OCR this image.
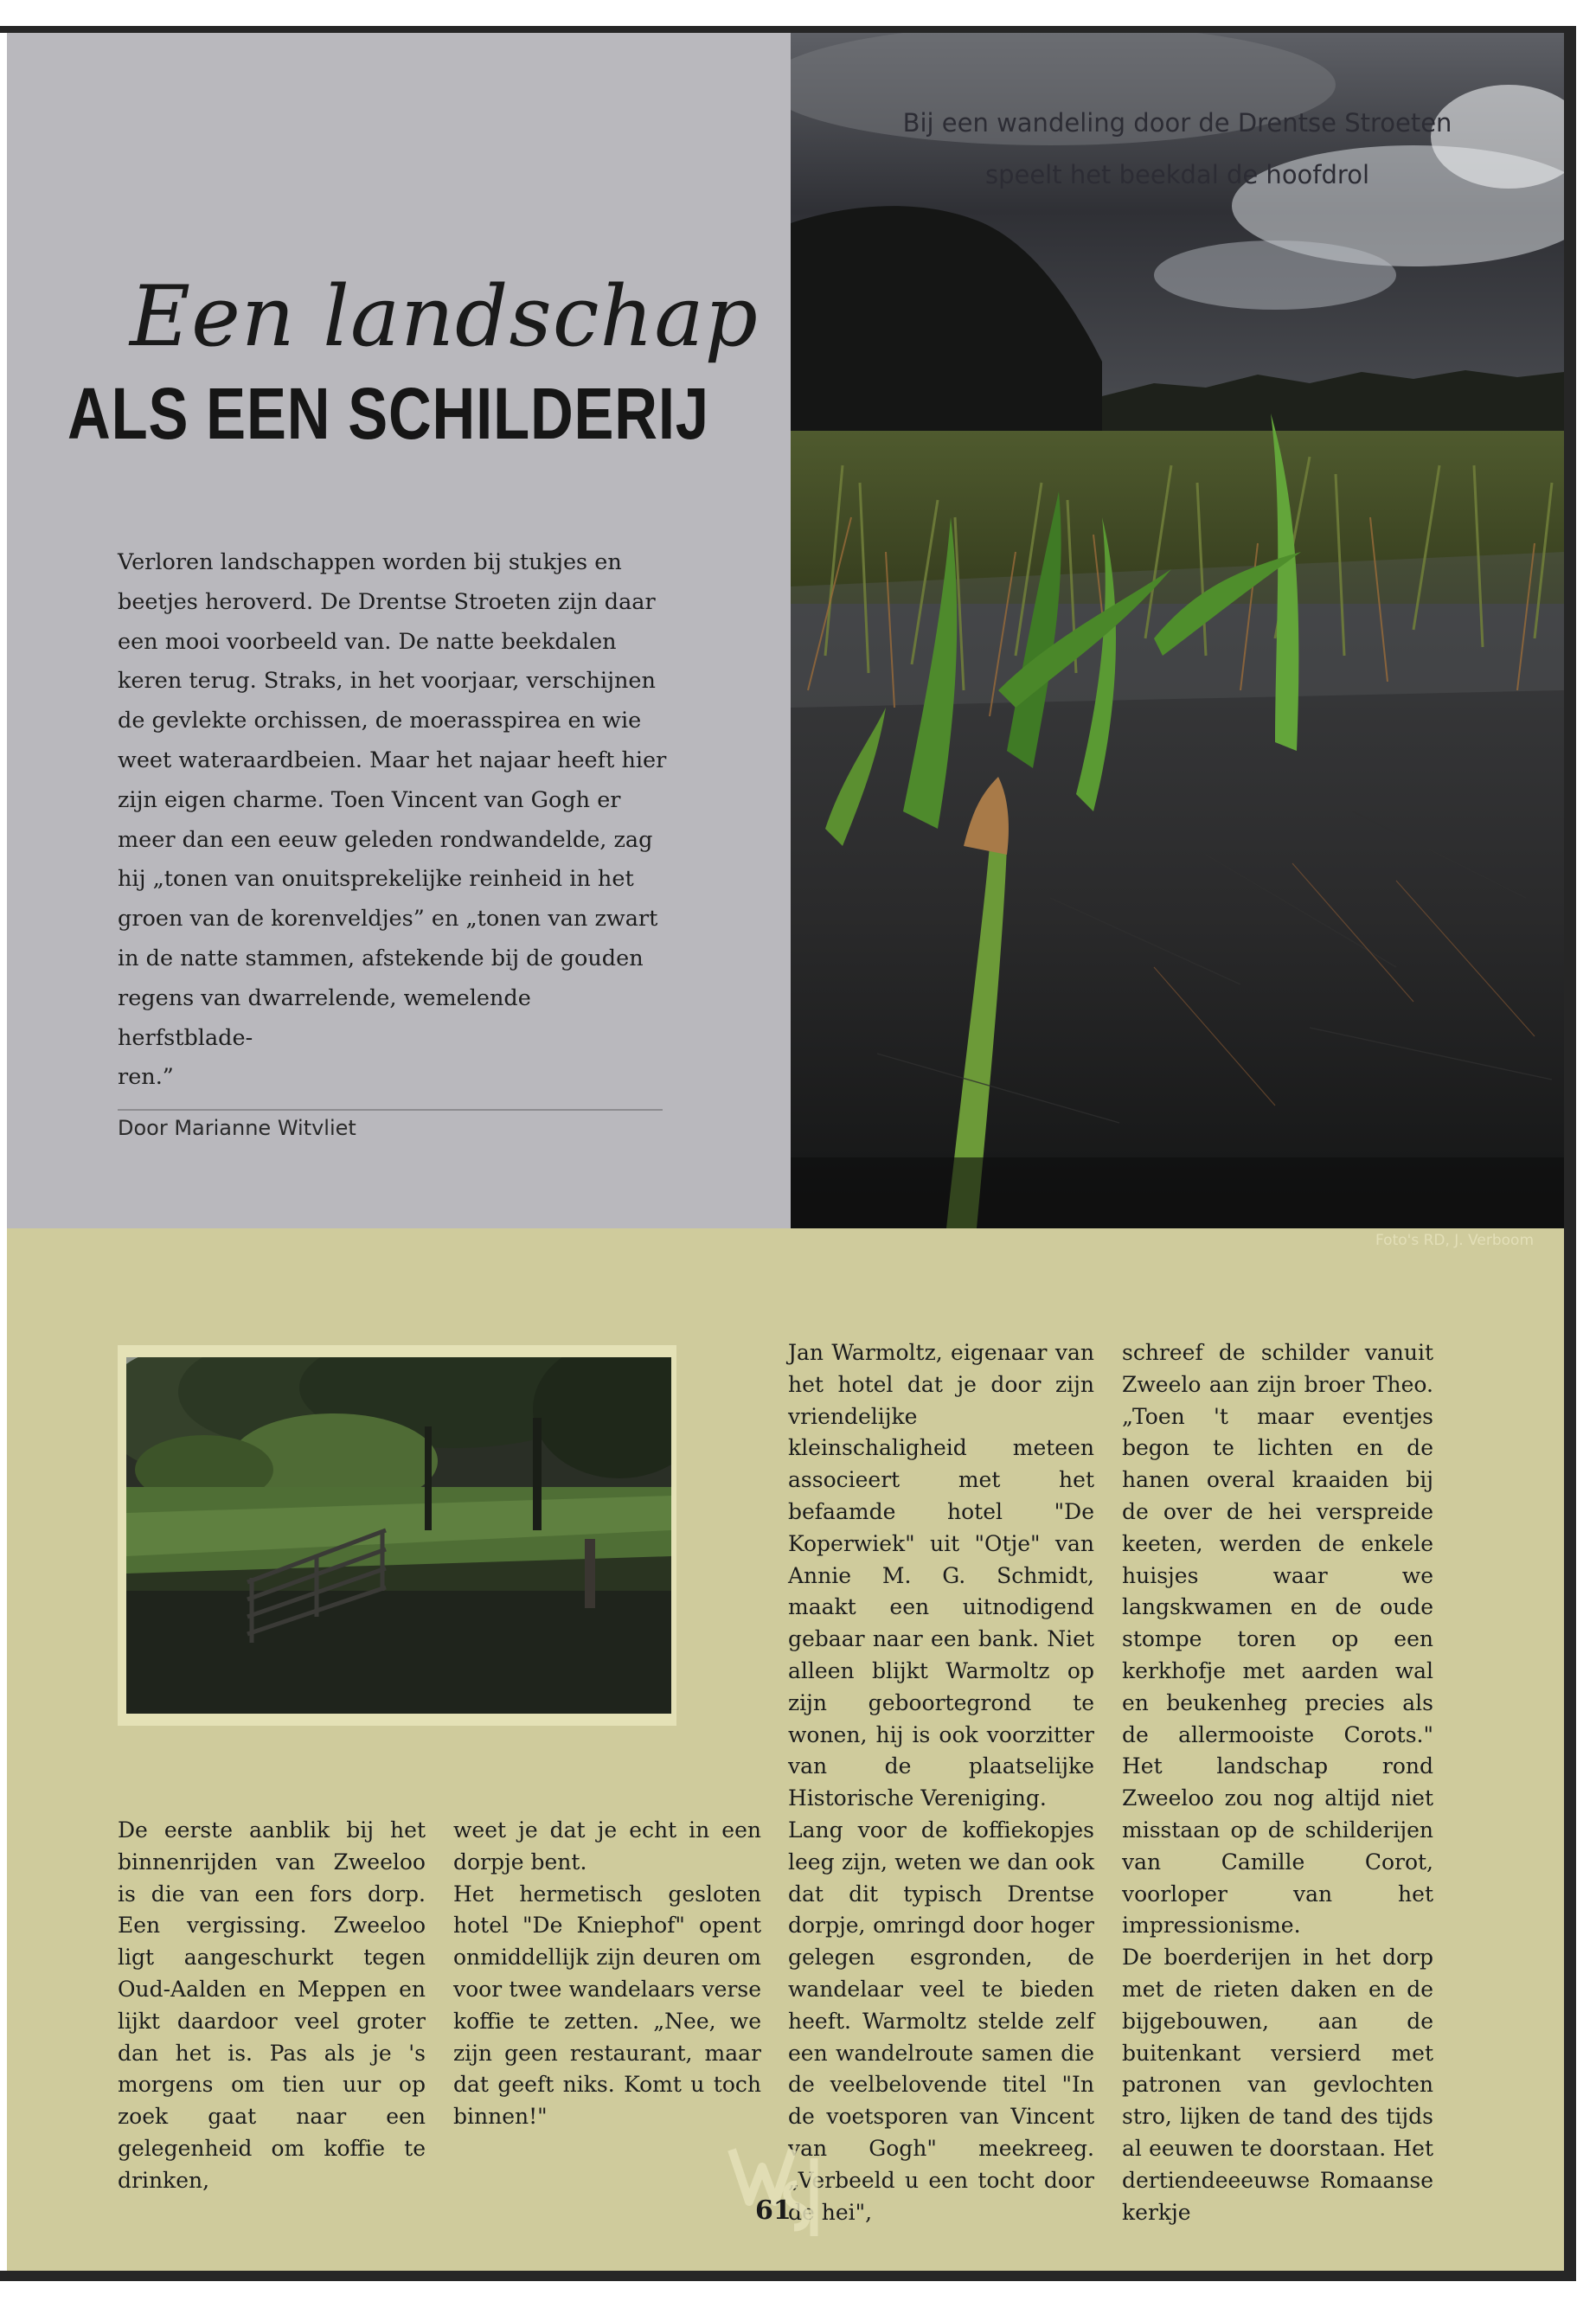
Een landschap
ALS EEN SCHILDERIJ
Verloren landschappen worden bij stukjes en
beetjes heroverd. De Drentse Stroeten zijn daar
een mooi voorbeeld van. De natte beekdalen
keren terug. Straks, in het voorjaar, verschijnen
de gevlekte orchissen, de moerasspirea en wie
weet wateraardbeien. Maar het najaar heeft hier
zijn eigen charme. Toen Vincent van Gogh er
meer dan een eeuw geleden rondwandelde, zag
hij „tonen van onuitsprekelijke reinheid in het
groen van de korenveldjes” en „tonen van zwart
in de natte stammen, afstekende bij de gouden
regens van dwarrelende, wemelende herfstblade-
ren.”
Door Marianne Witvliet
Bij een wandeling door de Drentse Stroeten
speelt het beekdal de hoofdrol
Foto's RD, J. Verboom

De eerste aanblik bij het binnenrijden van Zweeloo is die van een fors dorp. Een vergissing. Zweeloo ligt aangeschurkt tegen Oud-Aalden en Meppen en lijkt daardoor veel groter dan het is. Pas als je 's morgens om tien uur op zoek gaat naar een gelegenheid om koffie te drinken,

weet je dat je echt in een dorpje bent.

Het hermetisch gesloten hotel "De Kniephof" opent onmiddellijk zijn deuren om voor twee wandelaars verse koffie te zetten. „Nee, we zijn geen restaurant, maar dat geeft niks. Komt u toch binnen!"

Jan Warmoltz, eigenaar van het hotel dat je door zijn vriendelijke kleinschaligheid meteen associeert met het befaamde hotel "De Koperwiek" uit "Otje" van Annie M. G. Schmidt, maakt een uitnodigend gebaar naar een bank. Niet alleen blijkt Warmoltz op zijn geboortegrond te wonen, hij is ook voorzitter van de plaatselijke Historische Vereniging.

Lang voor de koffiekopjes leeg zijn, weten we dan ook dat dit typisch Drentse dorpje, omringd door hoger gelegen esgronden, de wandelaar veel te bieden heeft. Warmoltz stelde zelf een wandelroute samen die de veelbelovende titel "In de voetsporen van Vincent van Gogh" meekreeg. „Verbeeld u een tocht door de hei",

schreef de schilder vanuit Zweelo aan zijn broer Theo. „Toen 't maar eventjes begon te lichten en de hanen overal kraaiden bij de over de hei verspreide keeten, werden de enkele huisjes waar we langskwamen en de oude stompe toren op een kerkhofje met aarden wal en beukenheg precies als de allermooiste Corots." Het landschap rond Zweeloo zou nog altijd niet misstaan op de schilderijen van Camille Corot, voorloper van het impressionisme.

De boerderijen in het dorp met de rieten daken en de bijgebouwen, aan de buitenkant versierd met patronen van gevlochten stro, lijken de tand des tijds al eeuwen te doorstaan. Het dertiendeeeuwse Romaanse kerkje

61
